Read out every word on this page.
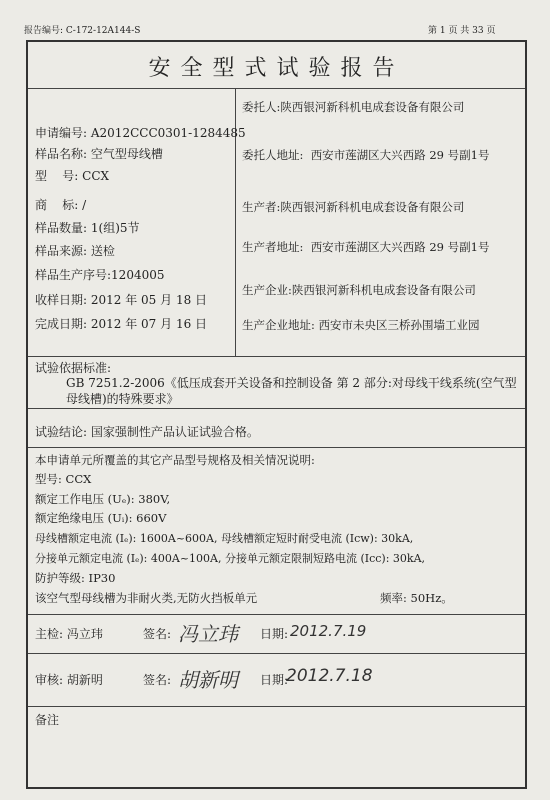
报告编号: C-172-12A144-S	第 1 页 共 33 页
安全型式试验报告
申请编号: A2012CCC0301-1284485
样品名称: 空气型母线槽
型    号: CCX
商    标: /
样品数量: 1(组)5节
样品来源: 送检
样品生产序号:1204005
收样日期: 2012 年 05 月 18 日
完成日期: 2012 年 07 月 16 日
委托人:陕西银河新科机电成套设备有限公司
委托人地址: 西安市莲湖区大兴西路 29 号副1号
生产者:陕西银河新科机电成套设备有限公司
生产者地址: 西安市莲湖区大兴西路 29 号副1号
生产企业:陕西银河新科机电成套设备有限公司
生产企业地址: 西安市未央区三桥孙围墙工业园
试验依据标准:
GB 7251.2-2006《低压成套开关设备和控制设备 第 2 部分:对母线干线系统(空气型母线槽)的特殊要求》
试验结论: 国家强制性产品认证试验合格。
本申请单元所覆盖的其它产品型号规格及相关情况说明:
型号: CCX
额定工作电压 (Uₑ): 380V,
额定绝缘电压 (Uᵢ): 660V
母线槽额定电流 (Iₑ): 1600A~600A, 母线槽额定短时耐受电流 (Icw): 30kA,
分接单元额定电流 (Iₑ): 400A~100A, 分接单元额定限制短路电流 (Icc): 30kA,
防护等级: IP30
该空气型母线槽为非耐火类,无防火挡板单元	频率: 50Hz。
主检: 冯立玮	签名: 冯立玮 日期: 2012.7.19
审核: 胡新明	签名: 胡新明 日期:
2012.7.18
备注
